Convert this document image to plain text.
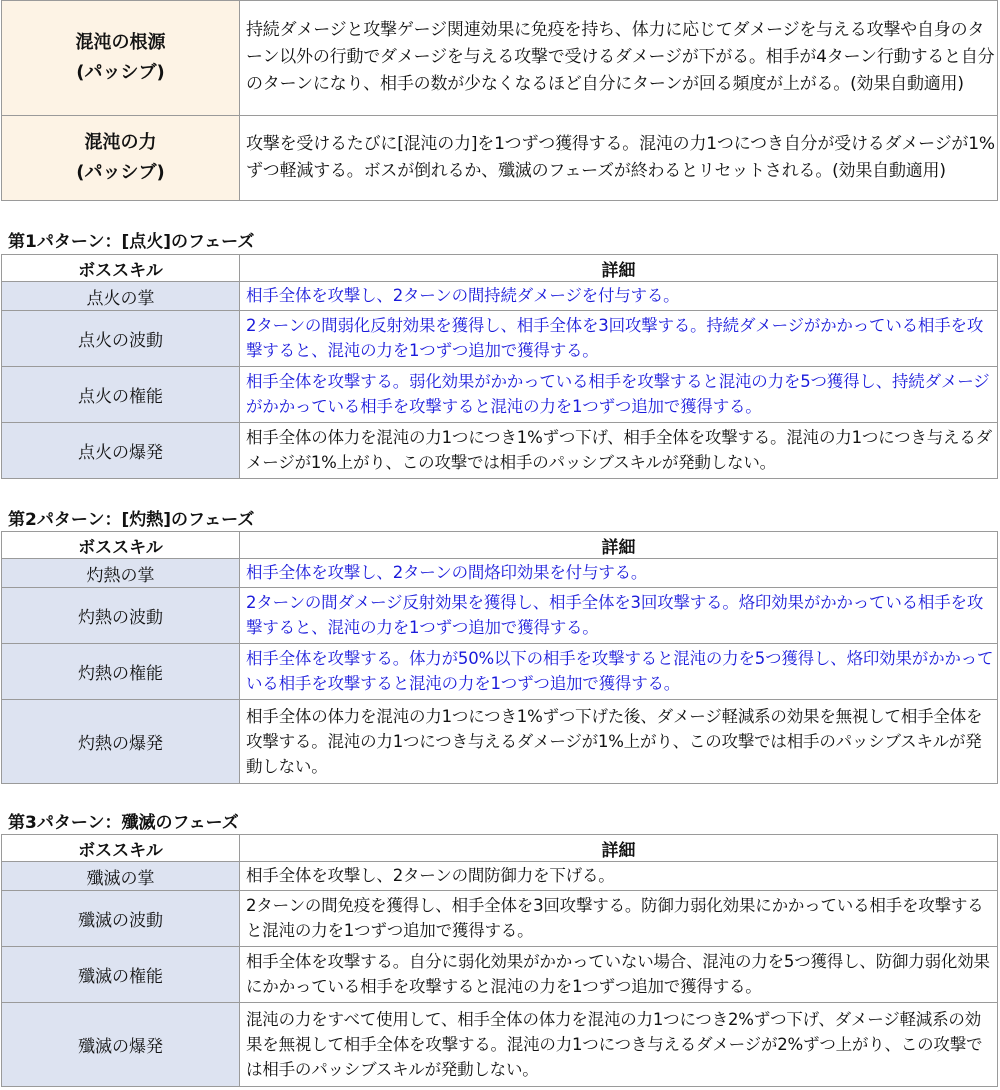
混沌の根源
(パッシブ)	持続ダメージと攻撃ゲージ関連効果に免疫を持ち、体力に応じてダメージを与える攻撃や自身のターン以外の行動でダメージを与える攻撃で受けるダメージが下がる。相手が4ターン行動すると自分のターンになり、相手の数が少なくなるほど自分にターンが回る頻度が上がる。(効果自動適用)

混沌の力
(パッシブ)	攻撃を受けるたびに[混沌の力]を1つずつ獲得する。混沌の力1つにつき自分が受けるダメージが1%ずつ軽減する。ボスが倒れるか、殲滅のフェーズが終わるとリセットされる。(効果自動適用)
第1パターン：[点火]のフェーズ
ボススキル	詳細
点火の掌	相手全体を攻撃し、2ターンの間持続ダメージを付与する。
点火の波動	2ターンの間弱化反射効果を獲得し、相手全体を3回攻撃する。持続ダメージがかかっている相手を攻撃すると、混沌の力を1つずつ追加で獲得する。
点火の権能	相手全体を攻撃する。弱化効果がかかっている相手を攻撃すると混沌の力を5つ獲得し、持続ダメージがかかっている相手を攻撃すると混沌の力を1つずつ追加で獲得する。
点火の爆発	相手全体の体力を混沌の力1つにつき1%ずつ下げ、相手全体を攻撃する。混沌の力1つにつき与えるダメージが1%上がり、この攻撃では相手のパッシブスキルが発動しない。
第2パターン：[灼熱]のフェーズ
ボススキル	詳細
灼熱の掌	相手全体を攻撃し、2ターンの間烙印効果を付与する。
灼熱の波動	2ターンの間ダメージ反射効果を獲得し、相手全体を3回攻撃する。烙印効果がかかっている相手を攻撃すると、混沌の力を1つずつ追加で獲得する。
灼熱の権能	相手全体を攻撃する。体力が50%以下の相手を攻撃すると混沌の力を5つ獲得し、烙印効果がかかっている相手を攻撃すると混沌の力を1つずつ追加で獲得する。
灼熱の爆発	相手全体の体力を混沌の力1つにつき1%ずつ下げた後、ダメージ軽減系の効果を無視して相手全体を攻撃する。混沌の力1つにつき与えるダメージが1%上がり、この攻撃では相手のパッシブスキルが発動しない。
第3パターン：殲滅のフェーズ
ボススキル	詳細
殲滅の掌	相手全体を攻撃し、2ターンの間防御力を下げる。
殲滅の波動	2ターンの間免疫を獲得し、相手全体を3回攻撃する。防御力弱化効果にかかっている相手を攻撃すると混沌の力を1つずつ追加で獲得する。
殲滅の権能	相手全体を攻撃する。自分に弱化効果がかかっていない場合、混沌の力を5つ獲得し、防御力弱化効果にかかっている相手を攻撃すると混沌の力を1つずつ追加で獲得する。
殲滅の爆発	混沌の力をすべて使用して、相手全体の体力を混沌の力1つにつき2%ずつ下げ、ダメージ軽減系の効果を無視して相手全体を攻撃する。混沌の力1つにつき与えるダメージが2%ずつ上がり、この攻撃では相手のパッシブスキルが発動しない。
